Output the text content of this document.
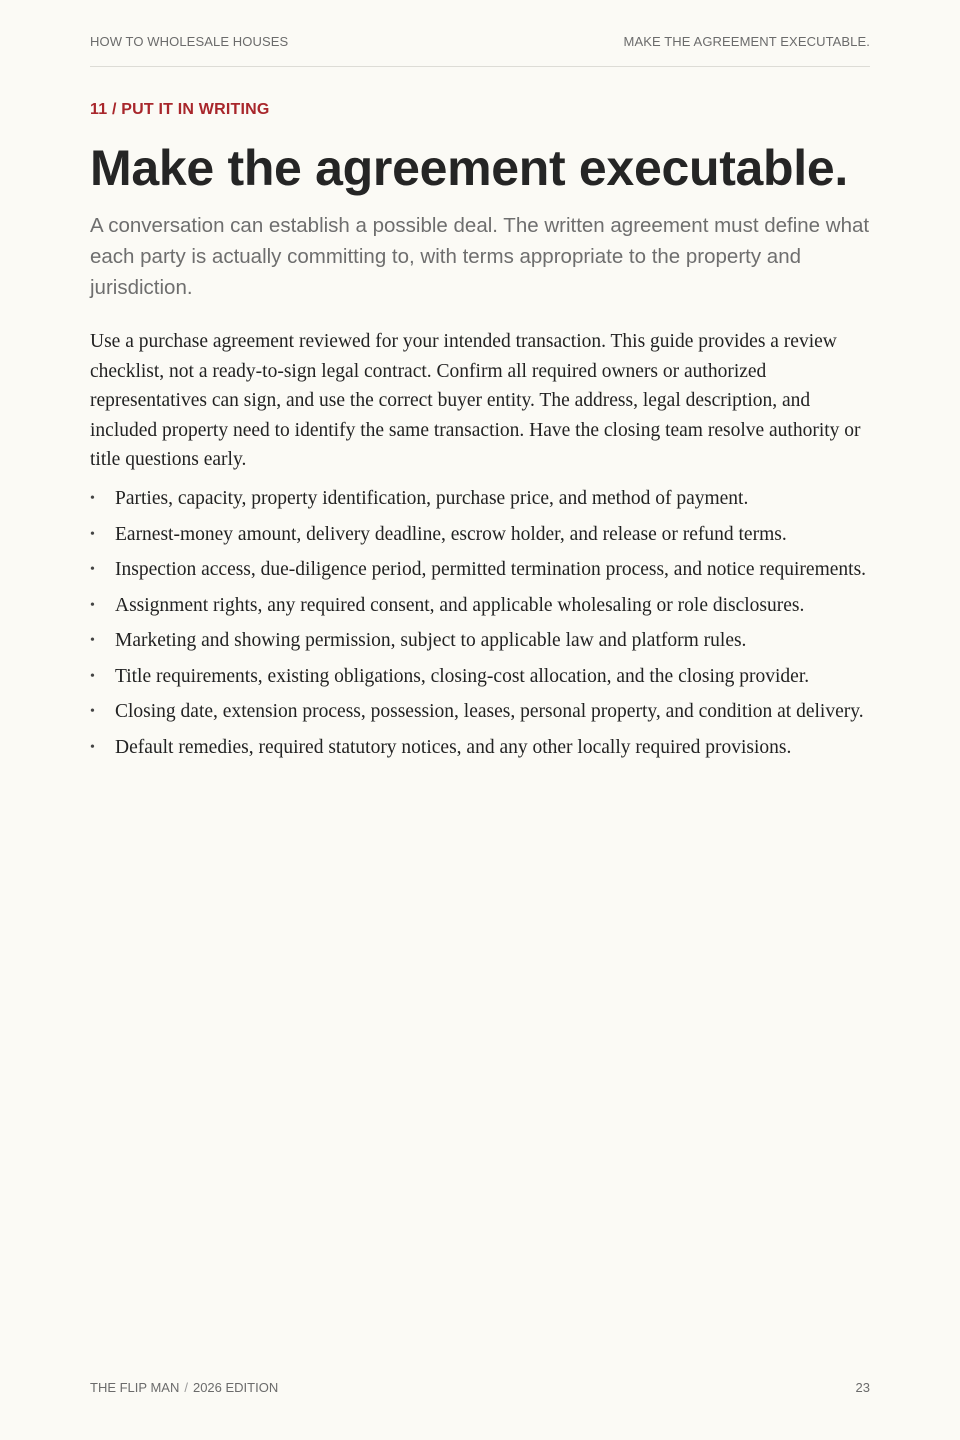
HOW TO WHOLESALE HOUSES	MAKE THE AGREEMENT EXECUTABLE.
11 / PUT IT IN WRITING
Make the agreement executable.

A conversation can establish a possible deal. The written agreement must define what each party is actually committing to, with terms appropriate to the property and jurisdiction.

Use a purchase agreement reviewed for your intended transaction. This guide provides a review checklist, not a ready-to-sign legal contract. Confirm all required owners or authorized representatives can sign, and use the correct buyer entity. The address, legal description, and included property need to identify the same transaction. Have the closing team resolve authority or title questions early.

• Parties, capacity, property identification, purchase price, and method of payment.
• Earnest-money amount, delivery deadline, escrow holder, and release or refund terms.
• Inspection access, due-diligence period, permitted termination process, and notice requirements.
• Assignment rights, any required consent, and applicable wholesaling or role disclosures.
• Marketing and showing permission, subject to applicable law and platform rules.
• Title requirements, existing obligations, closing-cost allocation, and the closing provider.
• Closing date, extension process, possession, leases, personal property, and condition at delivery.
• Default remedies, required statutory notices, and any other locally required provisions.
THE FLIP MAN / 2026 EDITION	23
